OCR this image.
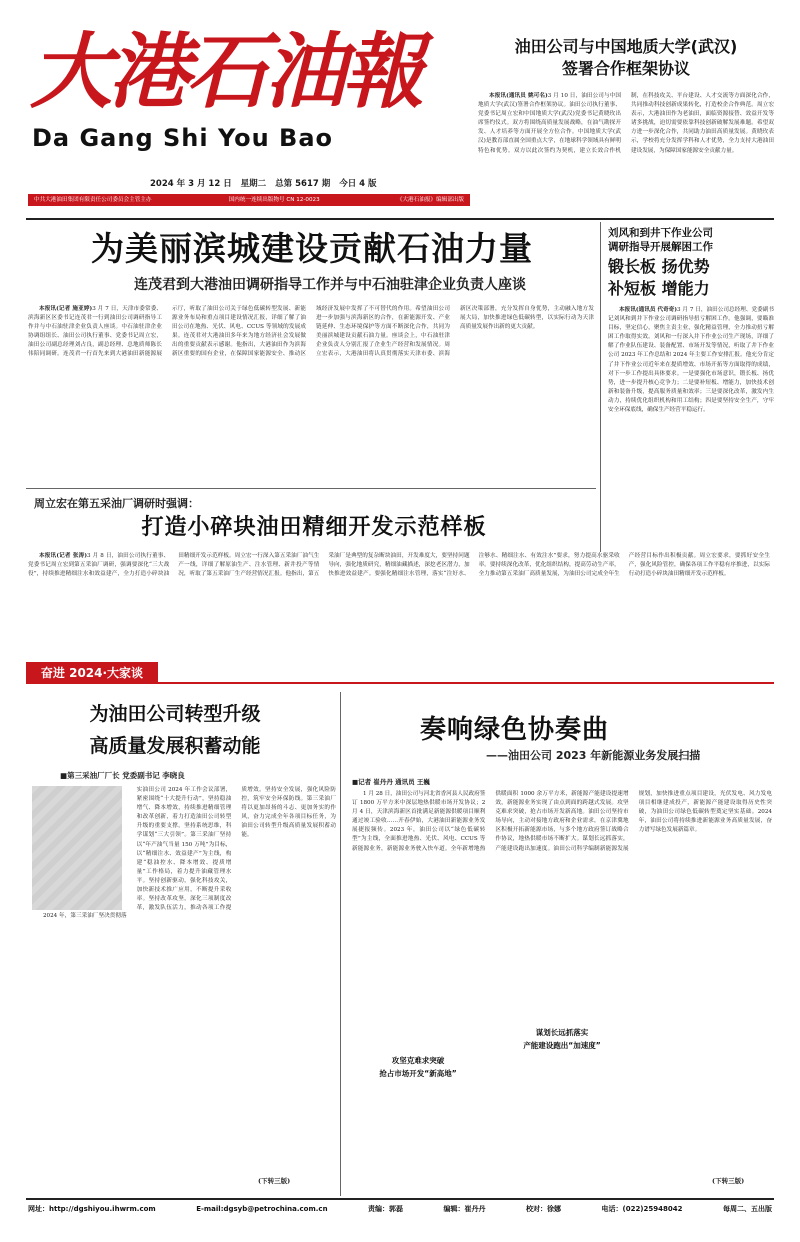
大港石油報
Da Gang Shi You Bao
2024 年 3 月 12 日 星期二 总第 5617 期 今日 4 版
中共大港油田集团有限责任公司委员会主管主办	国内统一连续出版物号 CN 12-0023	《大港石油报》编辑部出版
油田公司与中国地质大学(武汉)
签署合作框架协议
本报讯(通讯员 姚可名)3 月 10 日，油田公司与中国地质大学(武汉)签署合作框架协议。油田公司执行董事、党委书记周立宏和中国地质大学(武汉)党委书记黄晓玫出席签约仪式。双方将围绕高质量发展战略，在油气勘探开发、人才培养等方面开展全方位合作。中国地质大学(武汉)是教育部直属全国重点大学，在地球科学领域具有鲜明特色和优势。双方以此次签约为契机，建立长效合作机制，在科技攻关、平台建设、人才交流等方面深化合作，共同推动科技创新成果转化，打造校企合作典范。周立宏表示，大港油田作为老油田，面临资源接替、效益开发等诸多挑战，迫切需要依靠科技创新破解发展难题。希望双方进一步深化合作，共同助力油田高质量发展。黄晓玫表示，学校将充分发挥学科和人才优势，全力支持大港油田建设发展，为保障国家能源安全贡献力量。
为美丽滨城建设贡献石油力量
连茂君到大港油田调研指导工作并与中石油驻津企业负责人座谈
本报讯(记者 施亚婷)3 月 7 日，天津市委常委、滨海新区区委书记连茂君一行到油田公司调研指导工作并与中石油驻津企业负责人座谈。中石油驻津企业协调组组长、油田公司执行董事、党委书记周立宏，油田公司副总经理刘占良，副总经理、总地质师陈长伟陪同调研。连茂君一行首先来到大港油田新能源展示厅，听取了油田公司关于绿色低碳转型发展、新能源业务布局和重点项目建设情况汇报，详细了解了油田公司在地热、光伏、风电、CCUS 等领域的发展成果。连茂君对大港油田多年来为地方经济社会发展做出的重要贡献表示感谢。他指出，大港油田作为滨海新区重要的国有企业，在保障国家能源安全、推动区域经济发展中发挥了不可替代的作用。希望油田公司进一步加强与滨海新区的合作，在新能源开发、产业链延伸、生态环境保护等方面不断深化合作，共同为美丽滨城建设贡献石油力量。座谈会上，中石油驻津企业负责人分别汇报了企业生产经营和发展情况。周立宏表示，大港油田将认真贯彻落实天津市委、滨海新区决策部署，充分发挥自身优势，主动融入地方发展大局，加快推进绿色低碳转型，以实际行动为天津高质量发展作出新的更大贡献。
刘风和到井下作业公司
调研指导开展解困工作
锻长板 扬优势
补短板 增能力
本报讯(通讯员 代奇奇)3 月 7 日，油田公司总经理、党委副书记刘风和到井下作业公司调研指导扭亏解困工作。他强调，要瞄准目标，坚定信心，聚焦主责主业，强化精益管理，全力推动扭亏解困工作取得实效。刘风和一行深入井下作业公司生产现场，详细了解了作业队伍建设、装备配置、市场开发等情况，听取了井下作业公司 2023 年工作总结和 2024 年主要工作安排汇报。他充分肯定了井下作业公司近年来在提质增效、市场开拓等方面取得的成绩，对下一步工作提出具体要求。一是要强化市场意识，锻长板、扬优势，进一步提升核心竞争力；二是要补短板、增能力，加快技术创新和装备升级，提高服务质量和效率；三是要深化改革，激发内生动力，持续优化组织机构和用工结构；四是要坚持安全生产，守牢安全环保底线，确保生产经营平稳运行。
周立宏在第五采油厂调研时强调：
打造小碎块油田精细开发示范样板
本报讯(记者 张涛)3 月 8 日，油田公司执行董事、党委书记周立宏到第五采油厂调研，强调要深化“三大战役”，持续推进精细注水和效益建产，全力打造小碎块油田精细开发示范样板。周立宏一行深入第五采油厂油气生产一线，详细了解原油生产、注水管理、新井投产等情况，听取了第五采油厂生产经营情况汇报。他指出，第五采油厂是典型的复杂断块油田，开发难度大，要坚持问题导向，强化地质研究，精细油藏描述，深挖老区潜力，加快推进效益建产。要强化精细注水管理，落实“注好水、注够水、精细注水、有效注水”要求，努力提高水驱采收率。要持续深化改革，优化组织结构，提高劳动生产率，全力推动第五采油厂高质量发展，为油田公司完成全年生产经营目标作出积极贡献。周立宏要求，要抓好安全生产，强化风险管控，确保各项工作平稳有序推进，以实际行动打造小碎块油田精细开发示范样板。
奋进 2024·大家谈
为油田公司转型升级
高质量发展积蓄动能
■第三采油厂厂长 党委副书记 李晓良
2024 年，第三采油厂坚决贯彻落实油田公司 2024 年工作会议部署，紧密围绕“十大提升行动”，坚持稳油增气、降本增效，持续推进精细管理和改革创新，着力打造油田公司转型升级的重要支撑。坚持系统思维，科学谋划“三大引领”。第三采油厂坚持以“年产油气当量 150 万吨”为目标，以“精细注水、效益建产”为主线，构建“稳油控水、降本增效、提质增量”工作格局，着力提升油藏管理水平。坚持创新驱动，强化科技攻关，加快新技术推广应用，不断提升采收率。坚持改革攻坚，深化三项制度改革，激发队伍活力，推动各项工作提质增效。坚持安全发展，强化风险防控，筑牢安全环保防线。第三采油厂将以更加昂扬的斗志、更加务实的作风，奋力完成全年各项目标任务，为油田公司转型升级高质量发展积蓄动能。
(下转三版)
奏响绿色协奏曲
——油田公司 2023 年新能源业务发展扫描
■记者 崔丹丹 通讯员 王巍
1 月 28 日，油田公司与河北省香河县人民政府签订 1800 万平方米中深层地热供暖市场开发协议；2 月 4 日，天津滨海新区首批满足新能源供暖项目顺利通过竣工验收……开春伊始，大港油田新能源业务发展捷报频传。2023 年，油田公司以“绿色低碳转型”为主线，全面推进地热、光伏、风电、CCUS 等新能源业务，新能源业务驶入快车道。全年新增地热供暖面积 1000 余万平方米，新能源产能建设提速增效，新能源业务实现了由点到面的跨越式发展。攻坚克难求突破，抢占市场开发新高地。油田公司坚持市场导向，主动对接地方政府和企业需求，在京津冀地区积极开拓新能源市场，与多个地方政府签订战略合作协议，地热供暖市场不断扩大。谋划长远抓落实，产能建设跑出加速度。油田公司科学编制新能源发展规划，加快推进重点项目建设，光伏发电、风力发电项目相继建成投产，新能源产能建设取得历史性突破，为油田公司绿色低碳转型奠定坚实基础。2024 年，油田公司将持续推进新能源业务高质量发展，奋力谱写绿色发展新篇章。
攻坚克难求突破
抢占市场开发“新高地”
谋划长远抓落实
产能建设跑出“加速度”
(下转三版)
网址：http://dgshiyou.ihwrm.com	E-mail:dgsyb@petrochina.com.cn	责编：郭磊	编辑：崔丹丹	校对：徐娜	电话：(022)25948042	每周二、五出版
